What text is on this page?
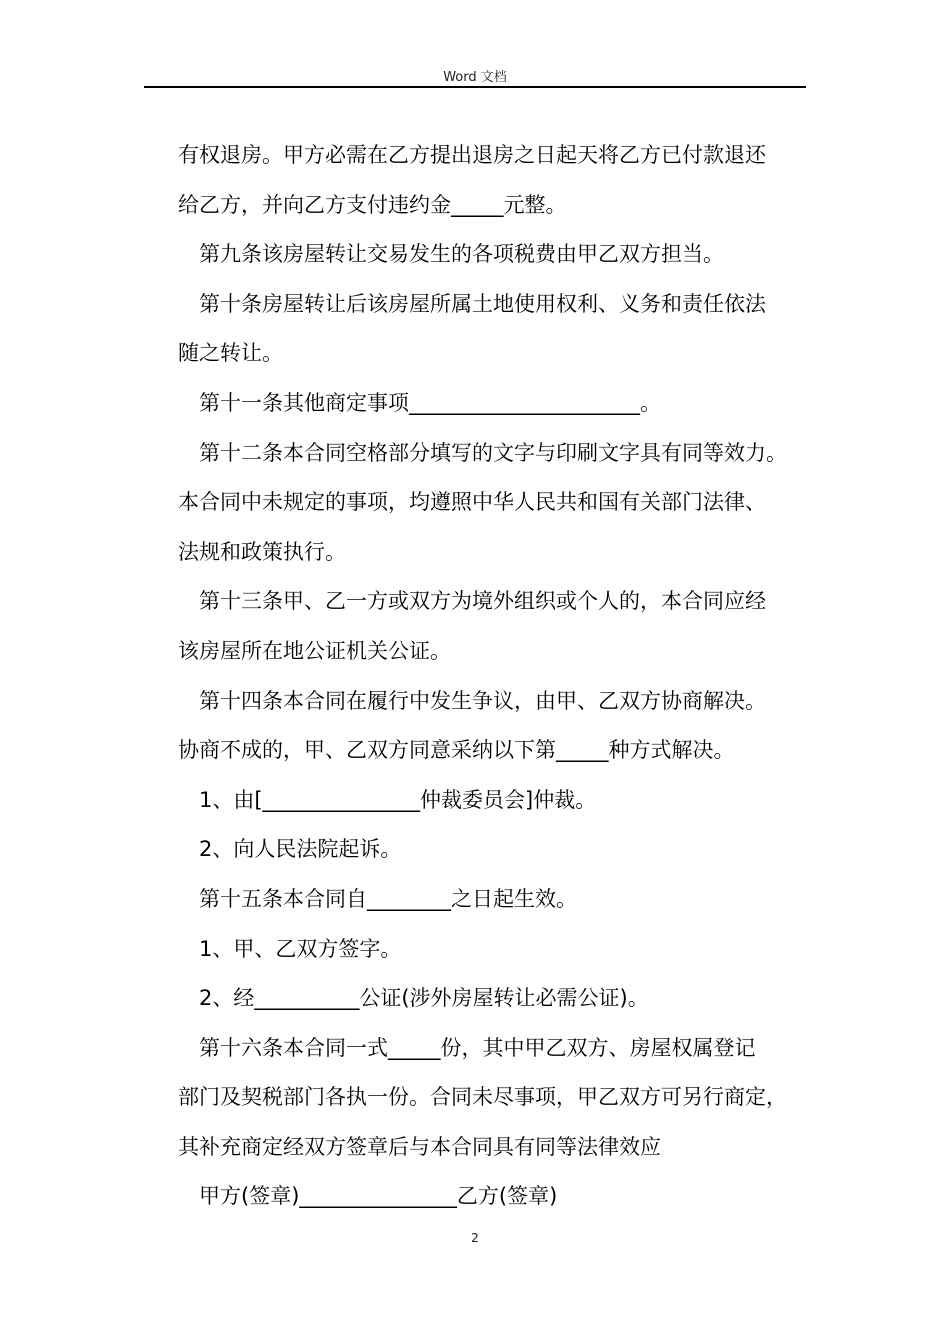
Word 文档
有权退房。甲方必需在乙方提出退房之日起天将乙方已付款退还
给乙方，并向乙方支付违约金_____元整。
第九条该房屋转让交易发生的各项税费由甲乙双方担当。
第十条房屋转让后该房屋所属土地使用权利、义务和责任依法
随之转让。
第十一条其他商定事项______________________。
第十二条本合同空格部分填写的文字与印刷文字具有同等效力。
本合同中未规定的事项，均遵照中华人民共和国有关部门法律、
法规和政策执行。
第十三条甲、乙一方或双方为境外组织或个人的，本合同应经
该房屋所在地公证机关公证。
第十四条本合同在履行中发生争议，由甲、乙双方协商解决。
协商不成的，甲、乙双方同意采纳以下第_____种方式解决。
1、由[_______________仲裁委员会]仲裁。
2、向人民法院起诉。
第十五条本合同自________之日起生效。
1、甲、乙双方签字。
2、经__________公证(涉外房屋转让必需公证)。
第十六条本合同一式_____份，其中甲乙双方、房屋权属登记
部门及契税部门各执一份。合同未尽事项，甲乙双方可另行商定，
其补充商定经双方签章后与本合同具有同等法律效应
甲方(签章)_______________乙方(签章)
2
